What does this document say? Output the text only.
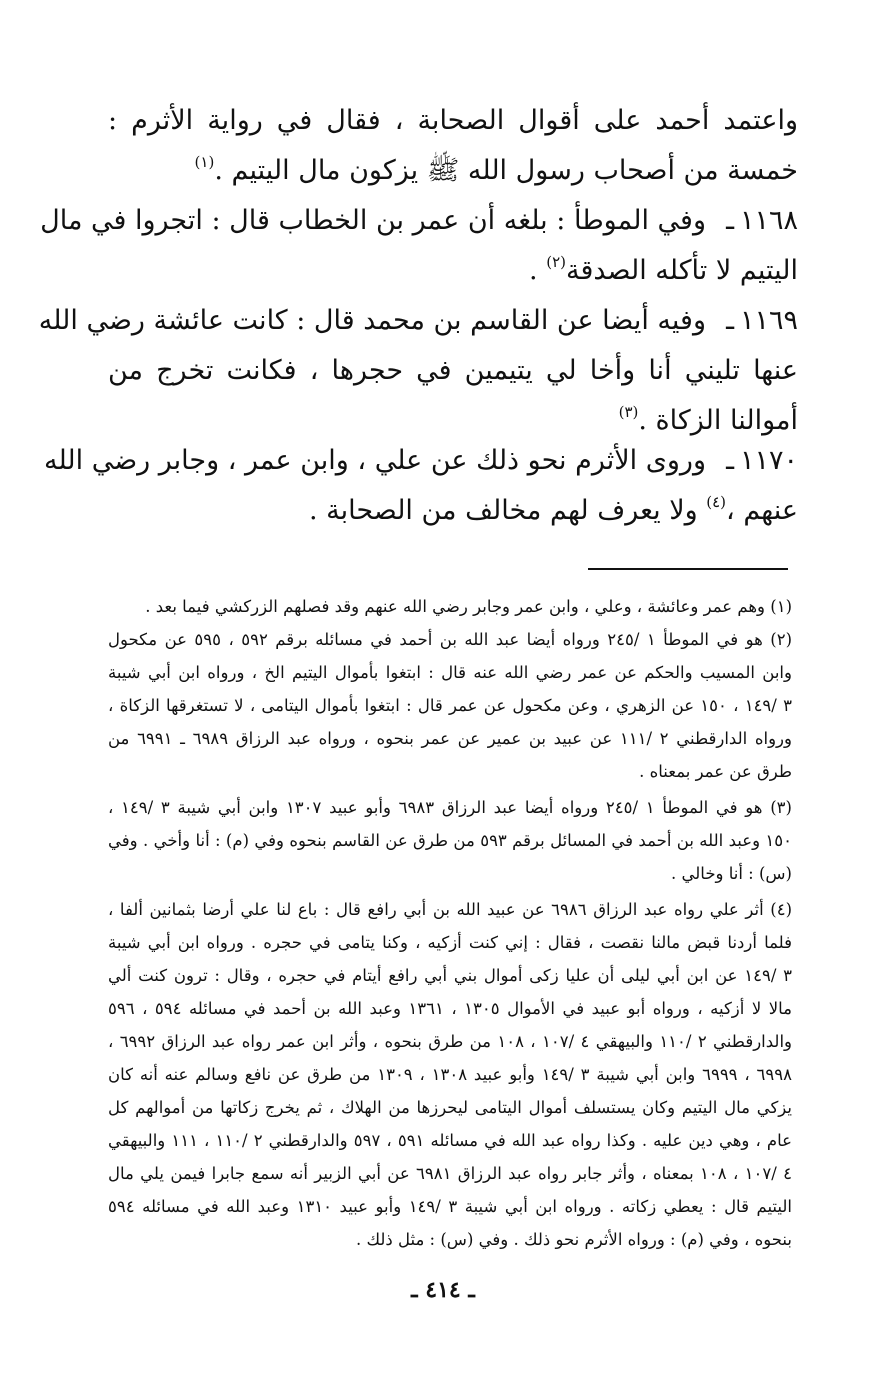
واعتمد أحمد على أقوال الصحابة ، فقال في رواية الأثرم :
خمسة من أصحاب رسول الله ﷺ يزكون مال اليتيم .$^{(١)}$
١١٦٨ـ
وفي الموطأ : بلغه أن عمر بن الخطاب قال : اتجروا في مال
اليتيم لا تأكله الصدقة$^{(٢)}$ .
١١٦٩ـ
وفيه أيضا عن القاسم بن محمد قال : كانت عائشة رضي الله
عنها تليني أنا وأخا لي يتيمين في حجرها ، فكانت تخرج من
أموالنا الزكاة .$^{(٣)}$
١١٧٠ـ
وروى الأثرم نحو ذلك عن علي ، وابن عمر ، وجابر رضي الله
عنهم ،$^{(٤)}$ ولا يعرف لهم مخالف من الصحابة .
(١) وهم عمر وعائشة ، وعلي ، وابن عمر وجابر رضي الله عنهم وقد فصلهم الزركشي فيما بعد .
(٢) هو في الموطأ ١ /٢٤٥ ورواه أيضا عبد الله بن أحمد في مسائله برقم ٥٩٢ ، ٥٩٥ عن مكحول
وابن المسيب والحكم عن عمر رضي الله عنه قال : ابتغوا بأموال اليتيم الخ ، ورواه ابن أبي شيبة
٣ /١٤٩ ، ١٥٠ عن الزهري ، وعن مكحول عن عمر قال : ابتغوا بأموال اليتامى ، لا تستغرقها الزكاة ،
ورواه الدارقطني ٢ /١١١ عن عبيد بن عمير عن عمر بنحوه ، ورواه عبد الرزاق ٦٩٨٩ ـ ٦٩٩١ من
طرق عن عمر بمعناه .
(٣) هو في الموطأ ١ /٢٤٥ ورواه أيضا عبد الرزاق ٦٩٨٣ وأبو عبيد ١٣٠٧ وابن أبي شيبة ٣ /١٤٩ ،
١٥٠ وعبد الله بن أحمد في المسائل برقم ٥٩٣ من طرق عن القاسم بنحوه وفي (م) : أنا وأخي . وفي
(س) : أنا وخالي .
(٤) أثر علي رواه عبد الرزاق ٦٩٨٦ عن عبيد الله بن أبي رافع قال : باع لنا علي أرضا بثمانين ألفا ،
فلما أردنا قبض مالنا نقصت ، فقال : إني كنت أزكيه ، وكنا يتامى في حجره . ورواه ابن أبي شيبة
٣ /١٤٩ عن ابن أبي ليلى أن عليا زكى أموال بني أبي رافع أيتام في حجره ، وقال : ترون كنت ألي
مالا لا أزكيه ، ورواه أبو عبيد في الأموال ١٣٠٥ ، ١٣٦١ وعبد الله بن أحمد في مسائله ٥٩٤ ، ٥٩٦
والدارقطني ٢ /١١٠ والبيهقي ٤ /١٠٧ ، ١٠٨ من طرق بنحوه ، وأثر ابن عمر رواه عبد الرزاق ٦٩٩٢ ،
٦٩٩٨ ، ٦٩٩٩ وابن أبي شيبة ٣ /١٤٩ وأبو عبيد ١٣٠٨ ، ١٣٠٩ من طرق عن نافع وسالم عنه أنه كان
يزكي مال اليتيم وكان يستسلف أموال اليتامى ليحرزها من الهلاك ، ثم يخرج زكاتها من أموالهم كل
عام ، وهي دين عليه . وكذا رواه عبد الله في مسائله ٥٩١ ، ٥٩٧ والدارقطني ٢ /١١٠ ، ١١١ والبيهقي
٤ /١٠٧ ، ١٠٨ بمعناه ، وأثر جابر رواه عبد الرزاق ٦٩٨١ عن أبي الزبير أنه سمع جابرا فيمن يلي مال
اليتيم قال : يعطي زكاته . ورواه ابن أبي شيبة ٣ /١٤٩ وأبو عبيد ١٣١٠ وعبد الله في مسائله ٥٩٤
بنحوه ، وفي (م) : ورواه الأثرم نحو ذلك . وفي (س) : مثل ذلك .
ـ ٤١٤ ـ
